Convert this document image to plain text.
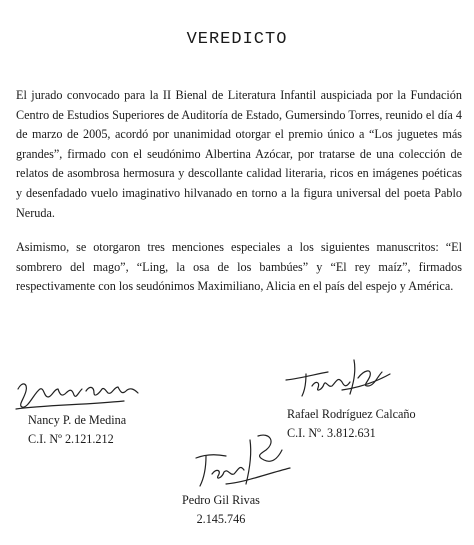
VEREDICTO

El jurado convocado para la II Bienal de Literatura Infantil auspiciada por la Fundación Centro de Estudios Superiores de Auditoría de Estado, Gumersindo Torres, reunido el día 4 de marzo de 2005, acordó por unanimidad otorgar el premio único a “Los juguetes más grandes”, firmado con el seudónimo Albertina Azócar, por tratarse de una colección de relatos de asombrosa hermosura y descollante calidad literaria, ricos en imágenes poéticas y desenfadado vuelo imaginativo hilvanado en torno a la figura universal del poeta Pablo Neruda.

Asimismo, se otorgaron tres menciones especiales a los siguientes manuscritos: “El sombrero del mago”, “Ling, la osa de los bambúes” y “El rey maíz”, firmados respectivamente con los seudónimos Maximiliano, Alicia en el país del espejo y América.

Nancy P. de Medina
C.I. Nº 2.121.212
Rafael Rodríguez Calcaño
C.I. Nº. 3.812.631
Pedro Gil Rivas
2.145.746
